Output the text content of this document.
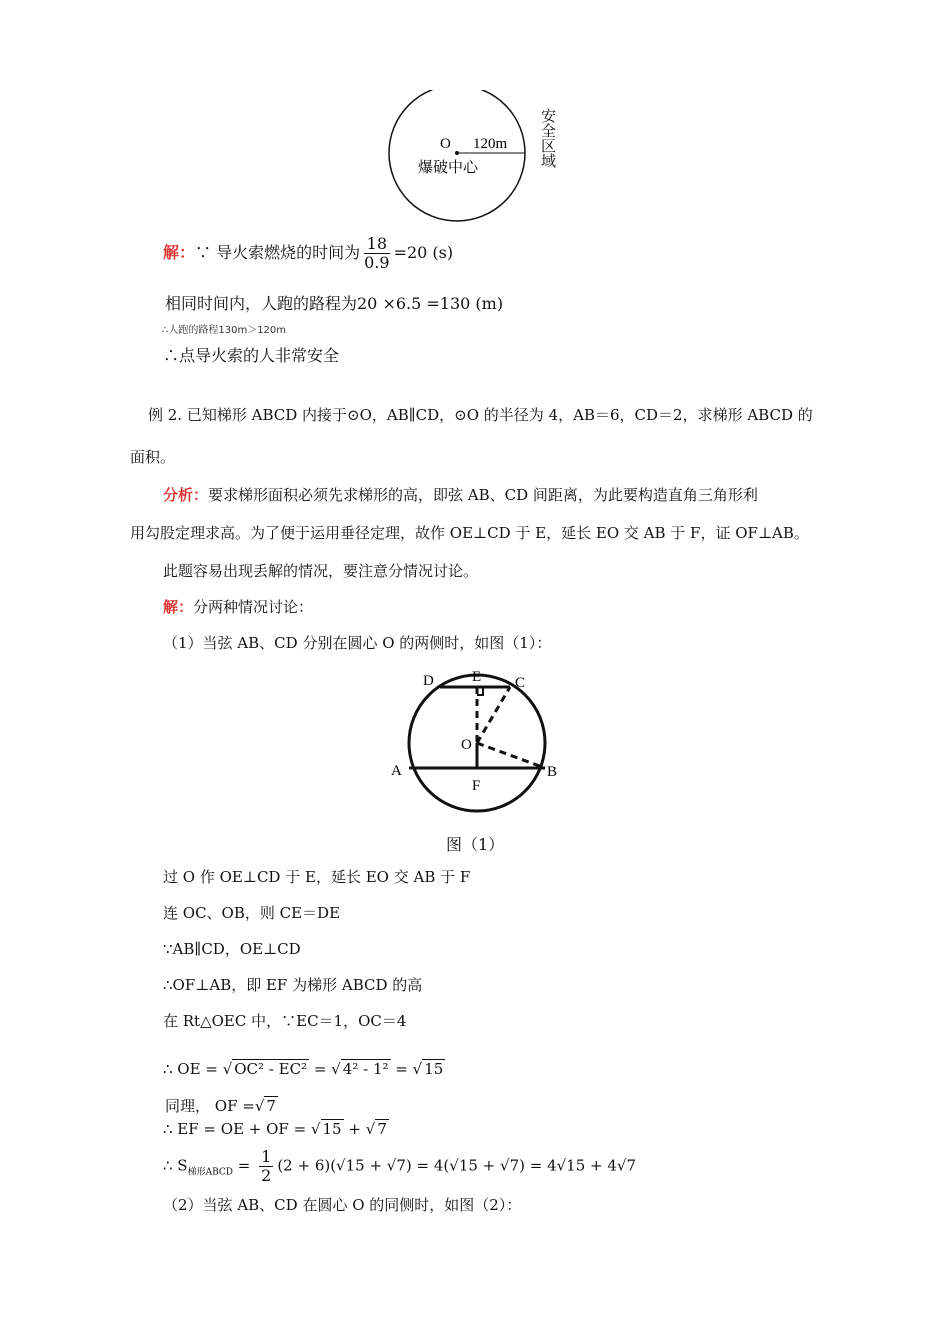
O 120m
爆破中心	安全区域
解：∵ 导火索燃烧的时间为 $\frac{18}{0.9} =20$ (s)
相同时间内，人跑的路程为20 ×6.5 =130 (m)
∴人跑的路程130m＞120m
∴点导火索的人非常安全
例 2. 已知梯形 ABCD 内接于⊙O，AB∥CD，⊙O 的半径为 4，AB＝6，CD＝2，求梯形 ABCD 的
面积。
分析：要求梯形面积必须先求梯形的高，即弦 AB、CD 间距离，为此要构造直角三角形利
用勾股定理求高。为了便于运用垂径定理，故作 OE⊥CD 于 E，延长 EO 交 AB 于 F，证 OF⊥AB。
此题容易出现丢解的情况，要注意分情况讨论。
解：分两种情况讨论：
（1）当弦 AB、CD 分别在圆心 O 的两侧时，如图（1）：
D	E C
O
A	B
F
图（1）
过 O 作 OE⊥CD 于 E，延长 EO 交 AB 于 F
连 OC、OB，则 CE＝DE
∵AB∥CD，OE⊥CD
∴OF⊥AB，即 EF 为梯形 ABCD 的高
在 Rt△OEC 中，∵EC＝1，OC＝4
∴ OE = √ OC² - EC² = √ 4² - 1² = √ 15
同理， OF =√ 7
∴ EF = OE + OF = √ 15 + √ 7
∴ $S_{梯形ABCD} = \frac{1}{2} (2 + 6)(√15 + √7) = 4(√15 + √7) = 4√15 + 4√7$
（2）当弦 AB、CD 在圆心 O 的同侧时，如图（2）：
